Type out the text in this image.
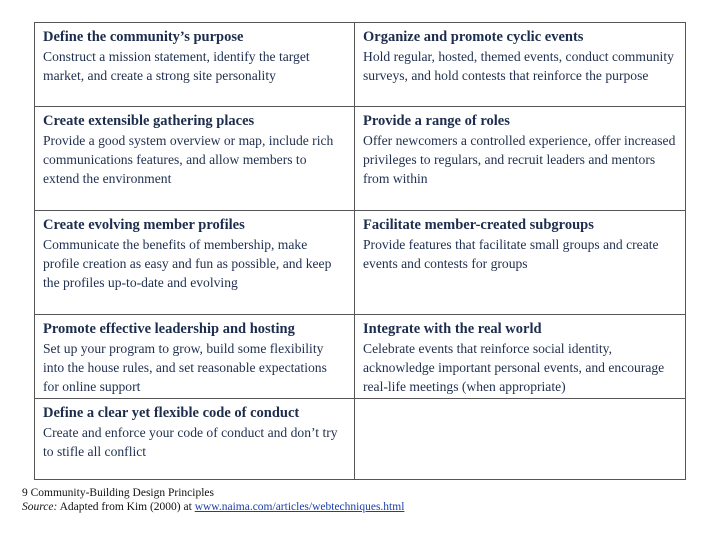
Define the community’s purpose
Construct a mission statement, identify the target market, and create a strong site personality
Organize and promote cyclic events
Hold regular, hosted, themed events, conduct community surveys, and hold contests that reinforce the purpose
Create extensible gathering places
Provide a good system overview or map, include rich communications features, and allow members to extend the environment
Provide a range of roles
Offer newcomers a controlled experience, offer increased privileges to regulars, and recruit leaders and mentors from within
Create evolving member profiles
Communicate the benefits of membership, make profile creation as easy and fun as possible, and keep the profiles up-to-date and evolving
Facilitate member-created subgroups
Provide features that facilitate small groups and create events and contests for groups
Promote effective leadership and hosting
Set up your program to grow, build some flexibility into the house rules, and set reasonable expectations for online support
Integrate with the real world
Celebrate events that reinforce social identity, acknowledge important personal events, and encourage real-life meetings (when appropriate)
Define a clear yet flexible code of conduct
Create and enforce your code of conduct and don’t try to stifle all conflict
9 Community-Building Design Principles
Source: Adapted from Kim (2000) at www.naima.com/articles/webtechniques.html
